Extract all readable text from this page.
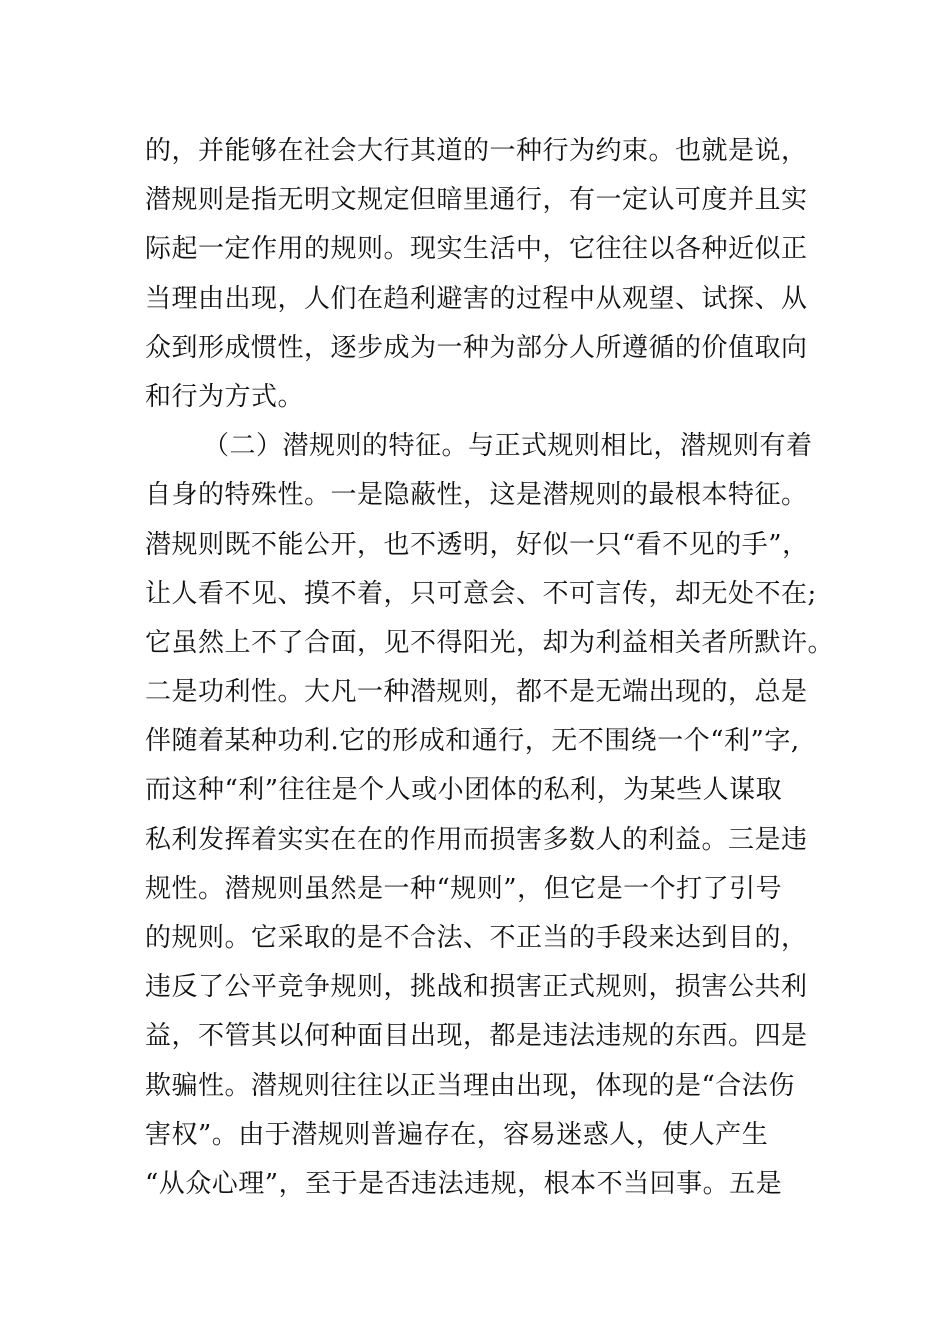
的，并能够在社会大行其道的一种行为约束。也就是说，
潜规则是指无明文规定但暗里通行，有一定认可度并且实
际起一定作用的规则。现实生活中，它往往以各种近似正
当理由出现，人们在趋利避害的过程中从观望、试探、从
众到形成惯性，逐步成为一种为部分人所遵循的价值取向
和行为方式。
（二）潜规则的特征。与正式规则相比，潜规则有着
自身的特殊性。一是隐蔽性，这是潜规则的最根本特征。
潜规则既不能公开，也不透明，好似一只“看不见的手”，
让人看不见、摸不着，只可意会、不可言传，却无处不在;
它虽然上不了合面，见不得阳光，却为利益相关者所默许。
二是功利性。大凡一种潜规则，都不是无端出现的，总是
伴随着某种功利.它的形成和通行，无不围绕一个“利”字,
而这种“利”往往是个人或小团体的私利，为某些人谋取
私利发挥着实实在在的作用而损害多数人的利益。三是违
规性。潜规则虽然是一种“规则”，但它是一个打了引号
的规则。它采取的是不合法、不正当的手段来达到目的，
违反了公平竞争规则，挑战和损害正式规则，损害公共利
益，不管其以何种面目出现，都是违法违规的东西。四是
欺骗性。潜规则往往以正当理由出现，体现的是“合法伤
害权”。由于潜规则普遍存在，容易迷惑人，使人产生
“从众心理”，至于是否违法违规，根本不当回事。五是
